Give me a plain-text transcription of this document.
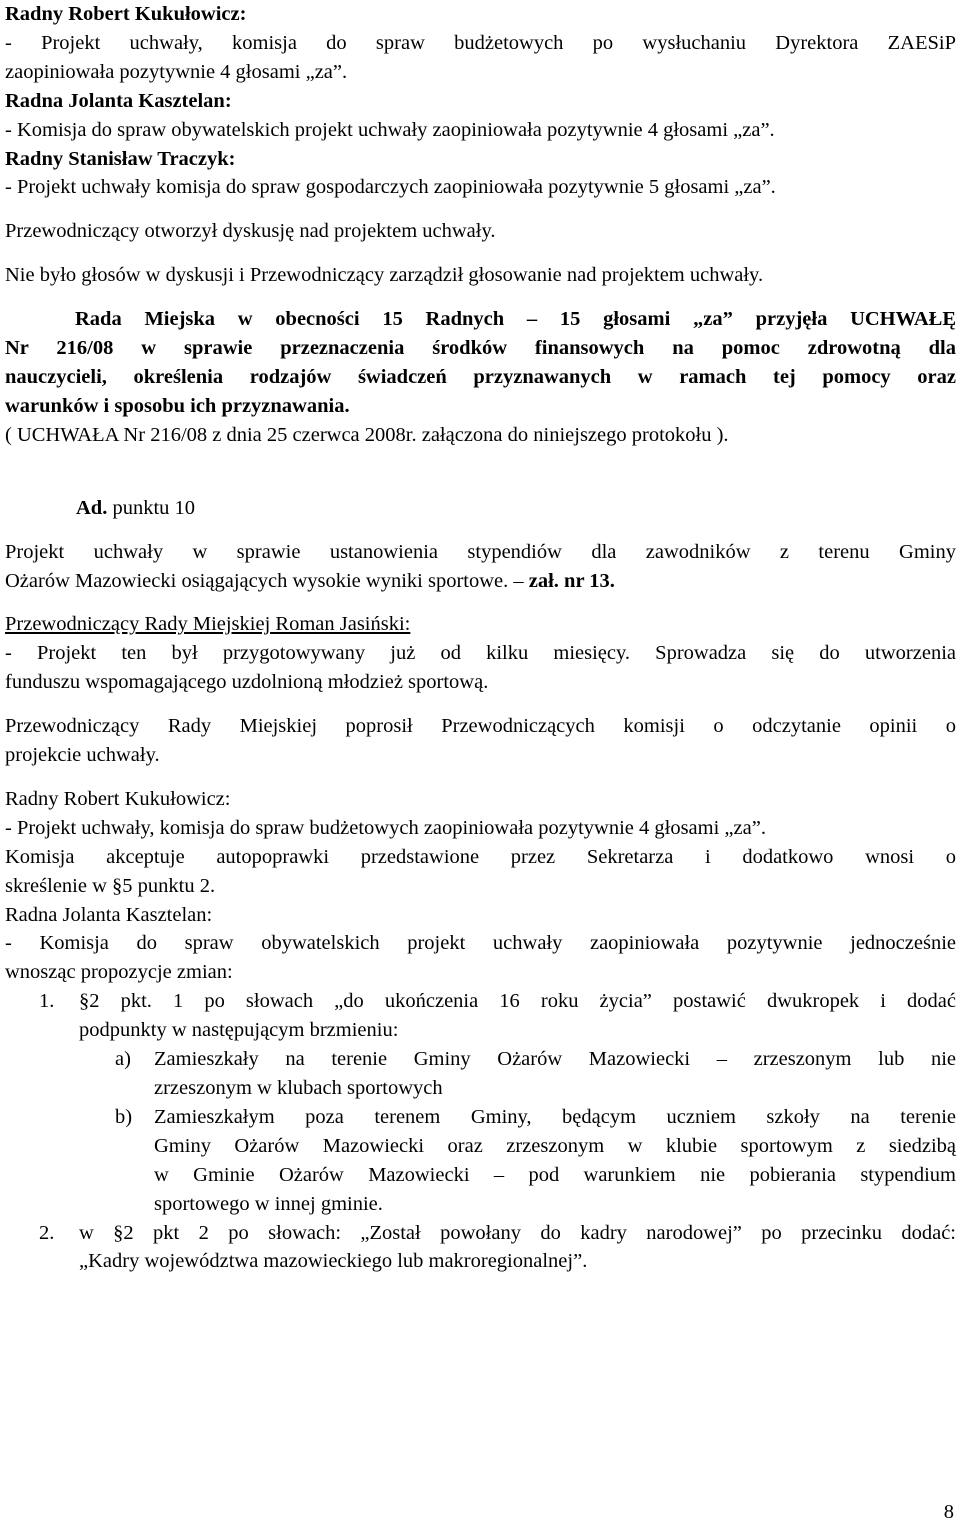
Radny Robert Kukułowicz:

- Projekt uchwały, komisja do spraw budżetowych po wysłuchaniu Dyrektora ZAESiP

zaopiniowała pozytywnie 4 głosami „za”.

Radna Jolanta Kasztelan:

- Komisja do spraw obywatelskich projekt uchwały zaopiniowała pozytywnie 4 głosami „za”.

Radny Stanisław Traczyk:

- Projekt uchwały komisja do spraw gospodarczych zaopiniowała pozytywnie 5 głosami „za”.

Przewodniczący otworzył dyskusję nad projektem uchwały.

Nie było głosów w dyskusji i Przewodniczący zarządził głosowanie nad projektem uchwały.

Rada Miejska w obecności 15 Radnych – 15 głosami „za” przyjęła UCHWAŁĘ

Nr 216/08 w sprawie przeznaczenia środków finansowych na pomoc zdrowotną dla

nauczycieli, określenia rodzajów świadczeń przyznawanych w ramach tej pomocy oraz

warunków i sposobu ich przyznawania.

( UCHWAŁA Nr 216/08 z dnia 25 czerwca 2008r. załączona do niniejszego protokołu ).

Ad. punktu 10

Projekt uchwały w sprawie ustanowienia stypendiów dla zawodników z terenu Gminy

Ożarów Mazowiecki osiągających wysokie wyniki sportowe. – zał. nr 13.

Przewodniczący Rady Miejskiej Roman Jasiński:

- Projekt ten był przygotowywany już od kilku miesięcy. Sprowadza się do utworzenia

funduszu wspomagającego uzdolnioną młodzież sportową.

Przewodniczący Rady Miejskiej poprosił Przewodniczących komisji o odczytanie opinii o

projekcie uchwały.

Radny Robert Kukułowicz:

- Projekt uchwały, komisja do spraw budżetowych zaopiniowała pozytywnie 4 głosami „za”.

Komisja akceptuje autopoprawki przedstawione przez Sekretarza i dodatkowo wnosi o

skreślenie w §5 punktu 2.

Radna Jolanta Kasztelan:

- Komisja do spraw obywatelskich projekt uchwały zaopiniowała pozytywnie jednocześnie

wnosząc propozycje zmian:

1. §2 pkt. 1 po słowach „do ukończenia 16 roku życia” postawić dwukropek i dodać

podpunkty w następującym brzmieniu:

a) Zamieszkały na terenie Gminy Ożarów Mazowiecki – zrzeszonym lub nie

zrzeszonym w klubach sportowych

b) Zamieszkałym poza terenem Gminy, będącym uczniem szkoły na terenie

Gminy Ożarów Mazowiecki oraz zrzeszonym w klubie sportowym z siedzibą

w Gminie Ożarów Mazowiecki – pod warunkiem nie pobierania stypendium

sportowego w innej gminie.

2. w §2 pkt 2 po słowach: „Został powołany do kadry narodowej” po przecinku dodać:

„Kadry województwa mazowieckiego lub makroregionalnej”.

8
